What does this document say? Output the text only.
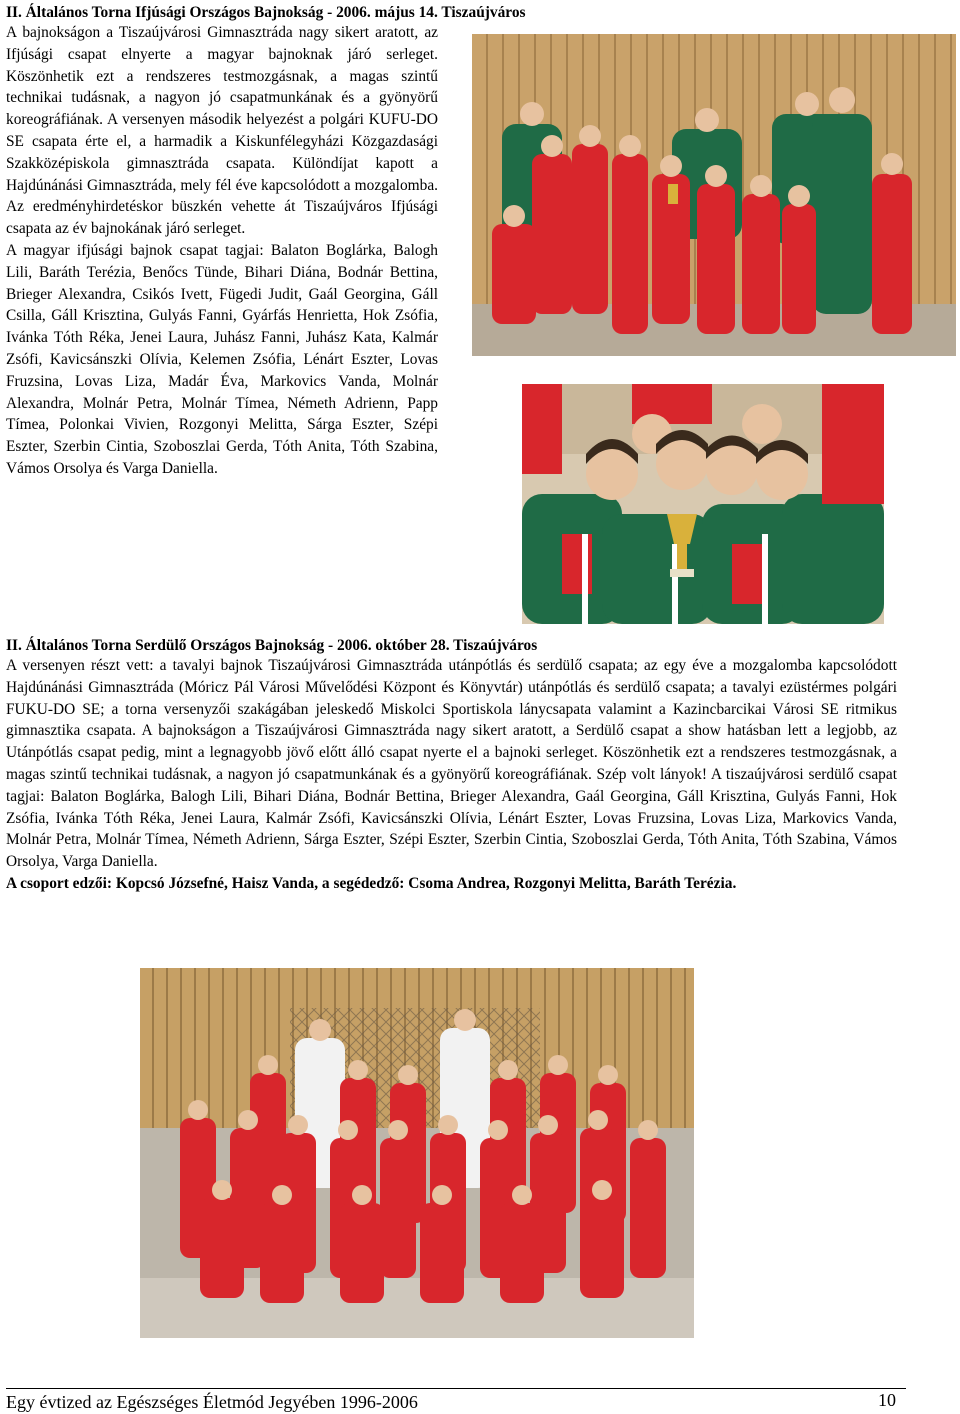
II. Általános Torna Ifjúsági Országos Bajnokság - 2006. május 14. Tiszaújváros
A bajnokságon a Tiszaújvárosi Gimnasztráda nagy sikert aratott, az Ifjúsági csapat elnyerte a magyar bajnoknak járó serleget. Köszönhetik ezt a rendszeres testmozgásnak, a magas szintű technikai tudásnak, a nagyon jó csapatmunkának és a gyönyörű koreográfiának. A versenyen második helyezést a polgári KUFU-DO SE csapata érte el, a harmadik a Kiskunfélegyházi Közgazdasági Szakközépiskola gimnasztráda csapata. Különdíjat kapott a Hajdúnánási Gimnasztráda, mely fél éve kapcsolódott a mozgalomba. Az eredményhirdetéskor büszkén vehette át Tiszaújváros Ifjúsági csapata az év bajnokának járó serleget.
A magyar ifjúsági bajnok csapat tagjai: Balaton Boglárka, Balogh Lili, Baráth Terézia, Benőcs Tünde, Bihari Diána, Bodnár Bettina, Brieger Alexandra, Csikós Ivett, Fügedi Judit, Gaál Georgina, Gáll Csilla, Gáll Krisztina, Gulyás Fanni, Gyárfás Henrietta, Hok Zsófia, Ivánka Tóth Réka, Jenei Laura, Juhász Fanni, Juhász Kata, Kalmár Zsófi, Kavicsánszki Olívia, Kelemen Zsófia, Lénárt Eszter, Lovas Fruzsina, Lovas Liza, Madár Éva, Markovics Vanda, Molnár Alexandra, Molnár Petra, Molnár Tímea, Németh Adrienn, Papp Tímea, Polonkai Vivien, Rozgonyi Melitta, Sárga Eszter, Szépi Eszter, Szerbin Cintia, Szoboszlai Gerda, Tóth Anita, Tóth Szabina, Vámos Orsolya és Varga Daniella.
II. Általános Torna Serdülő Országos Bajnokság - 2006. október 28. Tiszaújváros
A versenyen részt vett: a tavalyi bajnok Tiszaújvárosi Gimnasztráda utánpótlás és serdülő csapata; az egy éve a mozgalomba kapcsolódott Hajdúnánási Gimnasztráda (Móricz Pál Városi Művelődési Központ és Könyvtár) utánpótlás és serdülő csapata; a tavalyi ezüstérmes polgári FUKU-DO SE; a torna versenyzői szakágában jeleskedő Miskolci Sportiskola lánycsapata valamint a Kazincbarcikai Városi SE ritmikus gimnasztika csapata. A bajnokságon a Tiszaújvárosi Gimnasztráda nagy sikert aratott, a Serdülő csapat a show hatásban lett a legjobb, az Utánpótlás csapat pedig, mint a legnagyobb jövő előtt álló csapat nyerte el a bajnoki serleget. Köszönhetik ezt a rendszeres testmozgásnak, a magas szintű technikai tudásnak, a nagyon jó csapatmunkának és a gyönyörű koreográfiának. Szép volt lányok! A tiszaújvárosi serdülő csapat tagjai: Balaton Boglárka, Balogh Lili, Bihari Diána, Bodnár Bettina, Brieger Alexandra, Gaál Georgina, Gáll Krisztina, Gulyás Fanni, Hok Zsófia, Ivánka Tóth Réka, Jenei Laura, Kalmár Zsófi, Kavicsánszki Olívia, Lénárt Eszter, Lovas Fruzsina, Lovas Liza, Markovics Vanda, Molnár Petra, Molnár Tímea, Németh Adrienn, Sárga Eszter, Szépi Eszter, Szerbin Cintia, Szoboszlai Gerda, Tóth Anita, Tóth Szabina, Vámos Orsolya, Varga Daniella.
A csoport edzői: Kopcsó Józsefné, Haisz Vanda, a segédedző: Csoma Andrea, Rozgonyi Melitta, Baráth Terézia.
Egy évtized az Egészséges Életmód Jegyében 1996-2006	10
